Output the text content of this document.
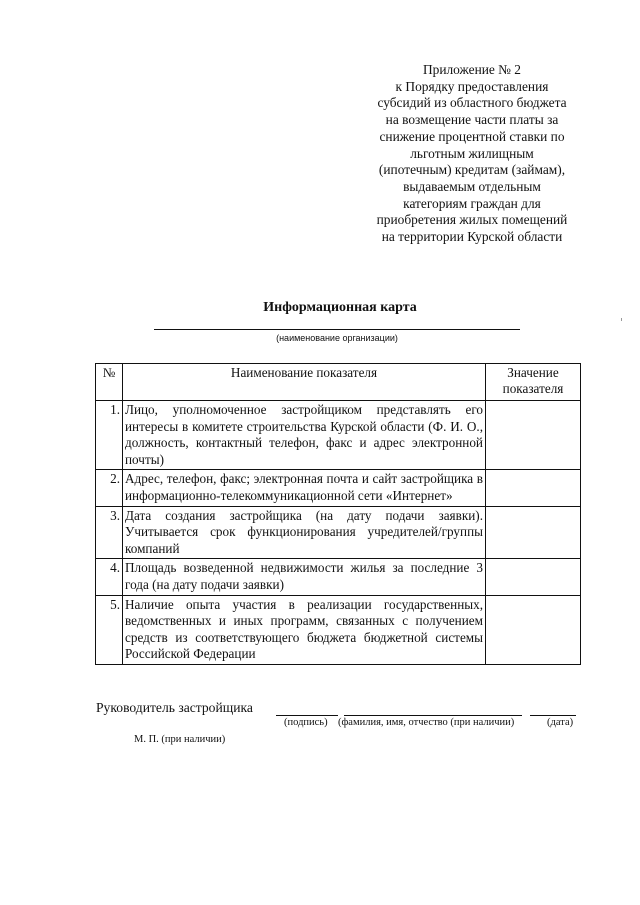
Приложение № 2
к Порядку предоставления
субсидий из областного бюджета
на возмещение части платы за
снижение процентной ставки по
льготным жилищным
(ипотечным) кредитам (займам),
выдаваемым отдельным
категориям граждан для
приобретения жилых помещений
на территории Курской области
Информационная карта
(наименование организации)
№	Наименование показателя	Значение показателя
1.	Лицо, уполномоченное застройщиком представлять его интересы в комитете строительства Курской области (Ф. И. О., должность, контактный телефон, факс и адрес электронной почты)	
2.	Адрес, телефон, факс; электронная почта и сайт застройщика в информационно-телекоммуникационной сети «Интернет»	
3.	Дата создания застройщика (на дату подачи заявки). Учитывается срок функционирования учредителей/группы компаний	
4.	Площадь возведенной недвижимости жилья за последние 3 года (на дату подачи заявки)	
5.	Наличие опыта участия в реализации государственных, ведомственных и иных программ, связанных с получением средств из соответствующего бюджета бюджетной системы Российской Федерации	
Руководитель застройщика
(подпись) (фамилия, имя, отчество (при наличии)	(дата)
М. П. (при наличии)
